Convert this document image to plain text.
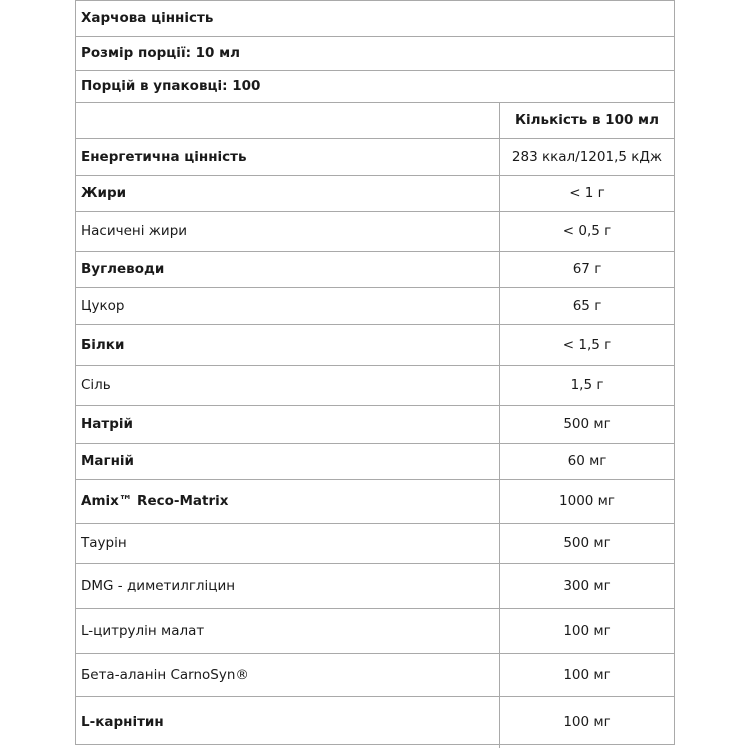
Харчова цінність
Розмір порції: 10 мл
Порцій в упаковці: 100
Кількість в 100 мл
Енергетична цінність	283 ккал/1201,5 кДж
Жири	< 1 г
Насичені жири	< 0,5 г
Вуглеводи	67 г
Цукор	65 г
Білки	< 1,5 г
Сіль	1,5 г
Натрій	500 мг
Магній	60 мг
Amix™ Reco-Matrix	1000 мг
Таурін	500 мг
DMG - диметилгліцин	300 мг
L-цитрулін малат	100 мг
Бета-аланін CarnoSyn®	100 мг
L-карнітин	100 мг
